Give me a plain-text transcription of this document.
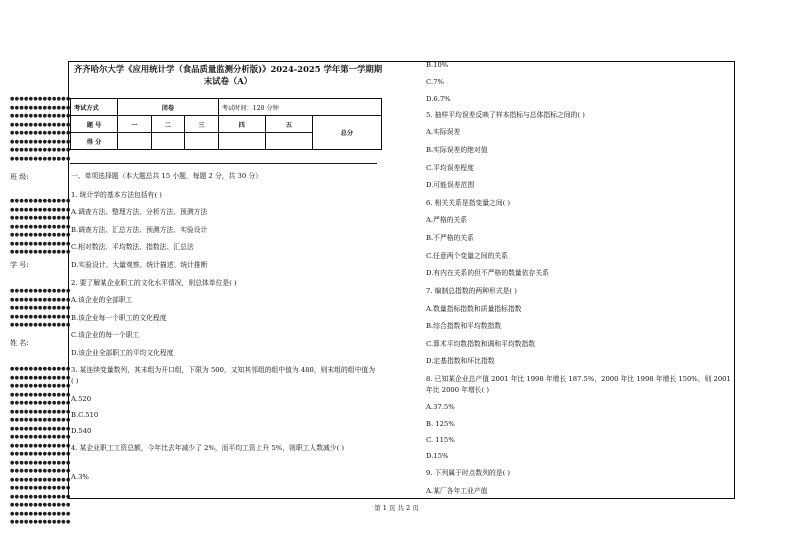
●●●●●●●●●●●●●
●●●●●●●●●●●●●
●●●●●●●●●●●●●
●●●●●●●●●●●●●
●●●●●●●●●●●●●
●●●●●●●●●●●●●
●●●●●●●●●●●●●
●●●●●●●●●●●●●
班 级:
●●●●●●●●●●●●●
●●●●●●●●●●●●●
●●●●●●●●●●●●●
●●●●●●●●●●●●●
●●●●●●●●●●●●●
●●●●●●●●●●●●●
●●●●●●●●●●●●●
学 号:
●●●●●●●●●●●●●
●●●●●●●●●●●●●
●●●●●●●●●●●●●
●●●●●●●●●●●●●
●●●●●●●●●●●●●
姓 名:
●●●●●●●●●●●●●
●●●●●●●●●●●●●
●●●●●●●●●●●●●
●●●●●●●●●●●●●
●●●●●●●●●●●●●
●●●●●●●●●●●●●
●●●●●●●●●●●●●
●●●●●●●●●●●●●
●●●●●●●●●●●●●
●●●●●●●●●●●●●
●●●●●●●●●●●●●
●●●●●●●●●●●●●
●●●●●●●●●●●●●
●●●●●●●●●●●●●
●●●●●●●●●●●●●
●●●●●●●●●●●●●
●●●●●●●●●●●●●
●●●●●●●●●●●●●
●●●●●●●●●●●●●
齐齐哈尔大学《应用统计学（食品质量监测分析版)》2024-2025 学年第一学期期末试卷（A）
考试方式	闭卷			考试时间：120 分钟		
题 号	一	二	三	四	五	总分
得 分						
一、单项选择题（本大题总共 15 小题，每题 2 分，共 30 分）
1. 统计学的基本方法包括有( )
A.调查方法、整理方法、分析方法、预测方法
B.调查方法、汇总方法、预测方法、实验设计
C.相对数法、平均数法、指数法、汇总法
D.实验设计、大量观察、统计描述、统计推断
2. 要了解某企业职工的文化水平情况，则总体单位是( )
A.该企业的全部职工
B.该企业每一个职工的文化程度
C.该企业的每一个职工
D.该企业全部职工的平均文化程度
3. 某连续变量数列，其末组为开口组，下限为 500，又知其邻组的组中值为 480，则末组的组中值为( )
A.520
B.C.510
D.540
4. 某企业职工工资总额，今年比去年减少了 2%，而平均工资上升 5%，则职工人数减少( )
A.3%
B.10%
C.7%
D.6.7%
5. 抽样平均误差反映了样本指标与总体指标之间的( )
A.实际误差
B.实际误差的绝对值
C.平均误差程度
D.可能误差范围
6. 相关关系是指变量之间( )
A.严格的关系
B.不严格的关系
C.任意两个变量之间的关系
D.有内在关系的但不严格的数量依存关系
7. 编制总指数的两种形式是( )
A.数量指标指数和质量指标指数
B.综合指数和平均数指数
C.算术平均数指数和调和平均数指数
D.定基指数和环比指数
8. 已知某企业总产值 2001 年比 1998 年增长 187.5%，2000 年比 1998 年增长 150%，则 2001 年比 2000 年增长( )
A.37.5%
B. 125%
C. 115%
D.15%
9. 下列属于时点数列的是( )
A.某厂各年工业产值
第 1 页 共 2 页
